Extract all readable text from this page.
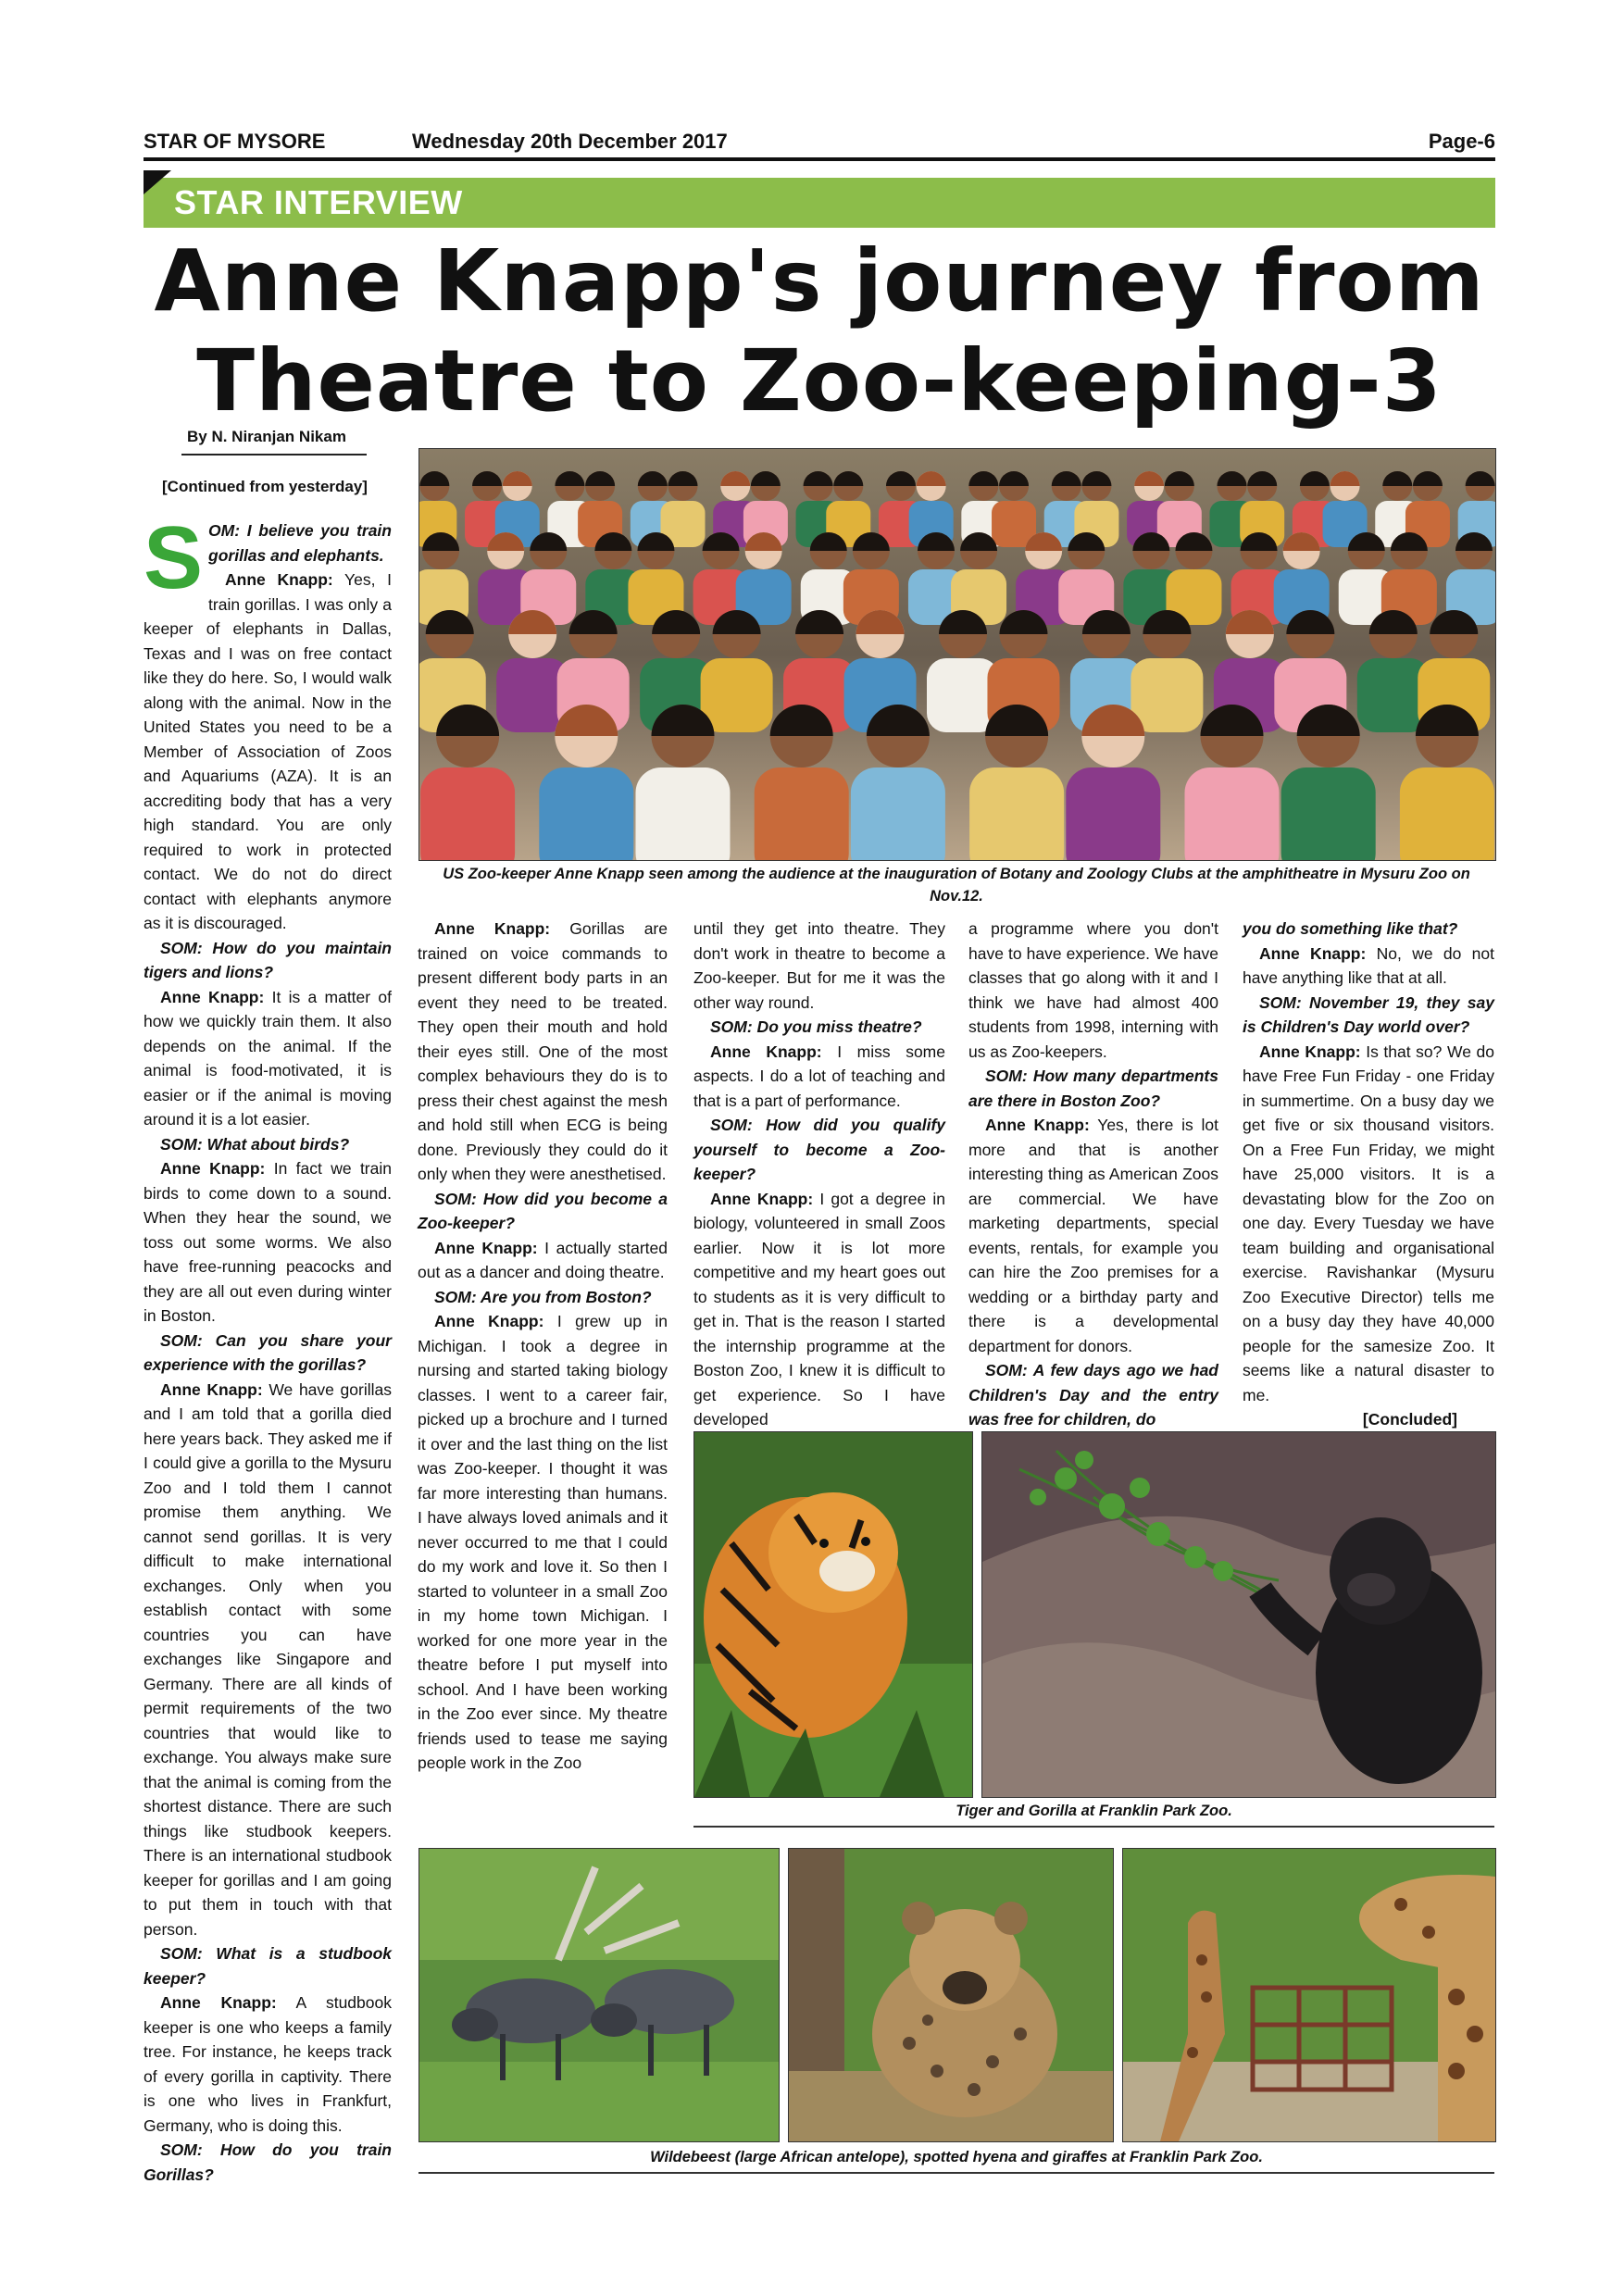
STAR OF MYSORE	Wednesday 20th December 2017	Page-6
STAR INTERVIEW
Anne Knapp's journey from
Theatre to Zoo-keeping-3
By N. Niranjan Nikam
[Continued from yesterday]
US Zoo-keeper Anne Knapp seen among the audience at the inauguration of Botany and Zoology Clubs at the amphitheatre in Mysuru Zoo on Nov.12.
S OM: I believe you train gorillas and elephants.

Anne Knapp: Yes, I train gorillas. I was only a keeper of elephants in Dallas, Texas and I was on free contact like they do here. So, I would walk along with the animal. Now in the United States you need to be a Member of Association of Zoos and Aquariums (AZA). It is an accrediting body that has a very high standard. You are only required to work in protected contact. We do not do direct contact with elephants anymore as it is discouraged.

SOM: How do you maintain tigers and lions?

Anne Knapp: It is a matter of how we quickly train them. It also depends on the animal. If the animal is food-motivated, it is easier or if the animal is moving around it is a lot easier.

SOM: What about birds?

Anne Knapp: In fact we train birds to come down to a sound. When they hear the sound, we toss out some worms. We also have free-running peacocks and they are all out even during winter in Boston.

SOM: Can you share your experience with the gorillas?

Anne Knapp: We have gorillas and I am told that a gorilla died here years back. They asked me if I could give a gorilla to the Mysuru Zoo and I told them I cannot promise them anything. We cannot send gorillas. It is very difficult to make international exchanges. Only when you establish contact with some countries you can have exchanges like Singapore and Germany. There are all kinds of permit requirements of the two countries that would like to exchange. You always make sure that the animal is coming from the shortest distance. There are such things like studbook keepers. There is an international studbook keeper for gorillas and I am going to put them in touch with that person.

SOM: What is a studbook keeper?

Anne Knapp: A studbook keeper is one who keeps a family tree. For instance, he keeps track of every gorilla in captivity. There is one who lives in Frankfurt, Germany, who is doing this.

SOM: How do you train Gorillas?

Anne Knapp: Gorillas are trained on voice commands to present different body parts in an event they need to be treated. They open their mouth and hold their eyes still. One of the most complex behaviours they do is to press their chest against the mesh and hold still when ECG is being done. Previously they could do it only when they were anesthetised.

SOM: How did you become a Zoo-keeper?

Anne Knapp: I actually started out as a dancer and doing theatre.

SOM: Are you from Boston?

Anne Knapp: I grew up in Michigan. I took a degree in nursing and started taking biology classes. I went to a career fair, picked up a brochure and I turned it over and the last thing on the list was Zoo-keeper. I thought it was far more interesting than humans. I have always loved animals and it never occurred to me that I could do my work and love it. So then I started to volunteer in a small Zoo in my home town Michigan. I worked for one more year in the theatre before I put myself into school. And I have been working in the Zoo ever since. My theatre friends used to tease me saying people work in the Zoo

until they get into theatre. They don't work in theatre to become a Zoo-keeper. But for me it was the other way round.

SOM: Do you miss theatre?

Anne Knapp: I miss some aspects. I do a lot of teaching and that is a part of performance.

SOM: How did you qualify yourself to become a Zoo-keeper?

Anne Knapp: I got a degree in biology, volunteered in small Zoos earlier. Now it is lot more competitive and my heart goes out to students as it is very difficult to get in. That is the reason I started the internship programme at the Boston Zoo, I knew it is difficult to get experience. So I have developed

a programme where you don't have to have experience. We have classes that go along with it and I think we have had almost 400 students from 1998, interning with us as Zoo-keepers.

SOM: How many departments are there in Boston Zoo?

Anne Knapp: Yes, there is lot more and that is another interesting thing as American Zoos are commercial. We have marketing departments, special events, rentals, for example you can hire the Zoo premises for a wedding or a birthday party and there is a developmental department for donors.

SOM: A few days ago we had Children's Day and the entry was free for children, do

you do something like that?

Anne Knapp: No, we do not have anything like that at all.

SOM: November 19, they say is Children's Day world over?

Anne Knapp: Is that so? We do have Free Fun Friday - one Friday in summertime. On a busy day we get five or six thousand visitors. On a Free Fun Friday, we might have 25,000 visitors. It is a devastating blow for the Zoo on one day. Every Tuesday we have team building and organisational exercise. Ravishankar (Mysuru Zoo Executive Director) tells me on a busy day they have 40,000 people for the samesize Zoo. It seems like a natural disaster to me.

[Concluded]
Tiger and Gorilla at Franklin Park Zoo.
Wildebeest (large African antelope), spotted hyena and giraffes at Franklin Park Zoo.
